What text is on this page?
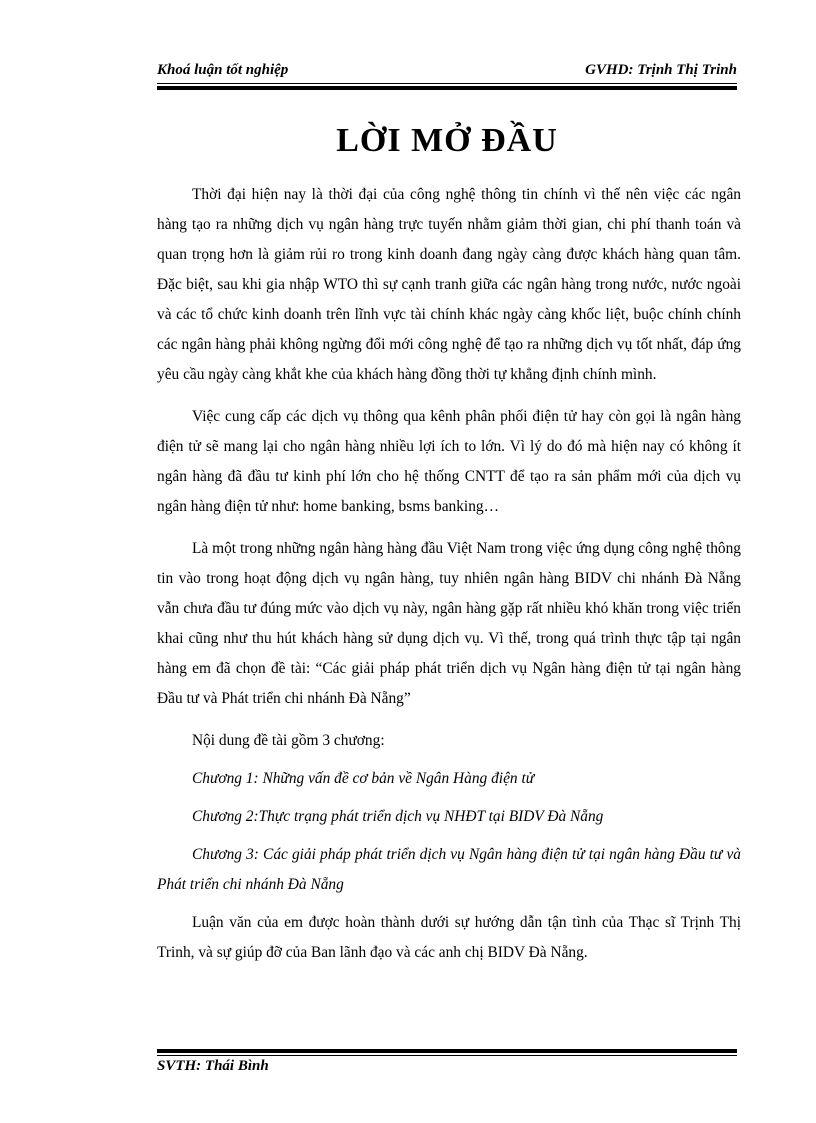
Khoá luận tốt nghiệp	GVHD: Trịnh Thị Trinh
LỜI MỞ ĐẦU

Thời đại hiện nay là thời đại của công nghệ thông tin chính vì thế nên việc các ngân hàng tạo ra những dịch vụ ngân hàng trực tuyến nhằm giảm thời gian, chi phí thanh toán và quan trọng hơn là giảm rủi ro trong kinh doanh đang ngày càng được khách hàng quan tâm. Đặc biệt, sau khi gia nhập WTO thì sự cạnh tranh giữa các ngân hàng trong nước, nước ngoài và các tổ chức kinh doanh trên lĩnh vực tài chính khác ngày càng khốc liệt, buộc chính chính các ngân hàng phải không ngừng đổi mới công nghệ để tạo ra những dịch vụ tốt nhất, đáp ứng yêu cầu ngày càng khắt khe của khách hàng đồng thời tự khẳng định chính mình.

Việc cung cấp các dịch vụ thông qua kênh phân phối điện tử hay còn gọi là ngân hàng điện tử sẽ mang lại cho ngân hàng nhiều lợi ích to lớn. Vì lý do đó mà hiện nay có không ít ngân hàng đã đầu tư kinh phí lớn cho hệ thống CNTT để tạo ra sản phẩm mới của dịch vụ ngân hàng điện tử như: home banking, bsms banking…

Là một trong những ngân hàng hàng đầu Việt Nam trong việc ứng dụng công nghệ thông tin vào trong hoạt động dịch vụ ngân hàng, tuy nhiên ngân hàng BIDV chi nhánh Đà Nẵng vẫn chưa đầu tư đúng mức vào dịch vụ này, ngân hàng gặp rất nhiều khó khăn trong việc triển khai cũng như thu hút khách hàng sử dụng dịch vụ. Vì thế, trong quá trình thực tập tại ngân hàng em đã chọn đề tài: “Các giải pháp phát triển dịch vụ Ngân hàng điện tử tại ngân hàng Đầu tư và Phát triển chi nhánh Đà Nẵng”

Nội dung đề tài gồm 3 chương:

Chương 1: Những vấn đề cơ bản về Ngân Hàng điện tử

Chương 2:Thực trạng phát triển dịch vụ NHĐT tại BIDV Đà Nẵng

Chương 3: Các giải pháp phát triển dịch vụ Ngân hàng điện tử tại ngân hàng Đầu tư và Phát triển chi nhánh Đà Nẵng

Luận văn của em được hoàn thành dưới sự hướng dẫn tận tình của Thạc sĩ Trịnh Thị Trinh, và sự giúp đỡ của Ban lãnh đạo và các anh chị BIDV Đà Nẵng.

SVTH: Thái Bình
